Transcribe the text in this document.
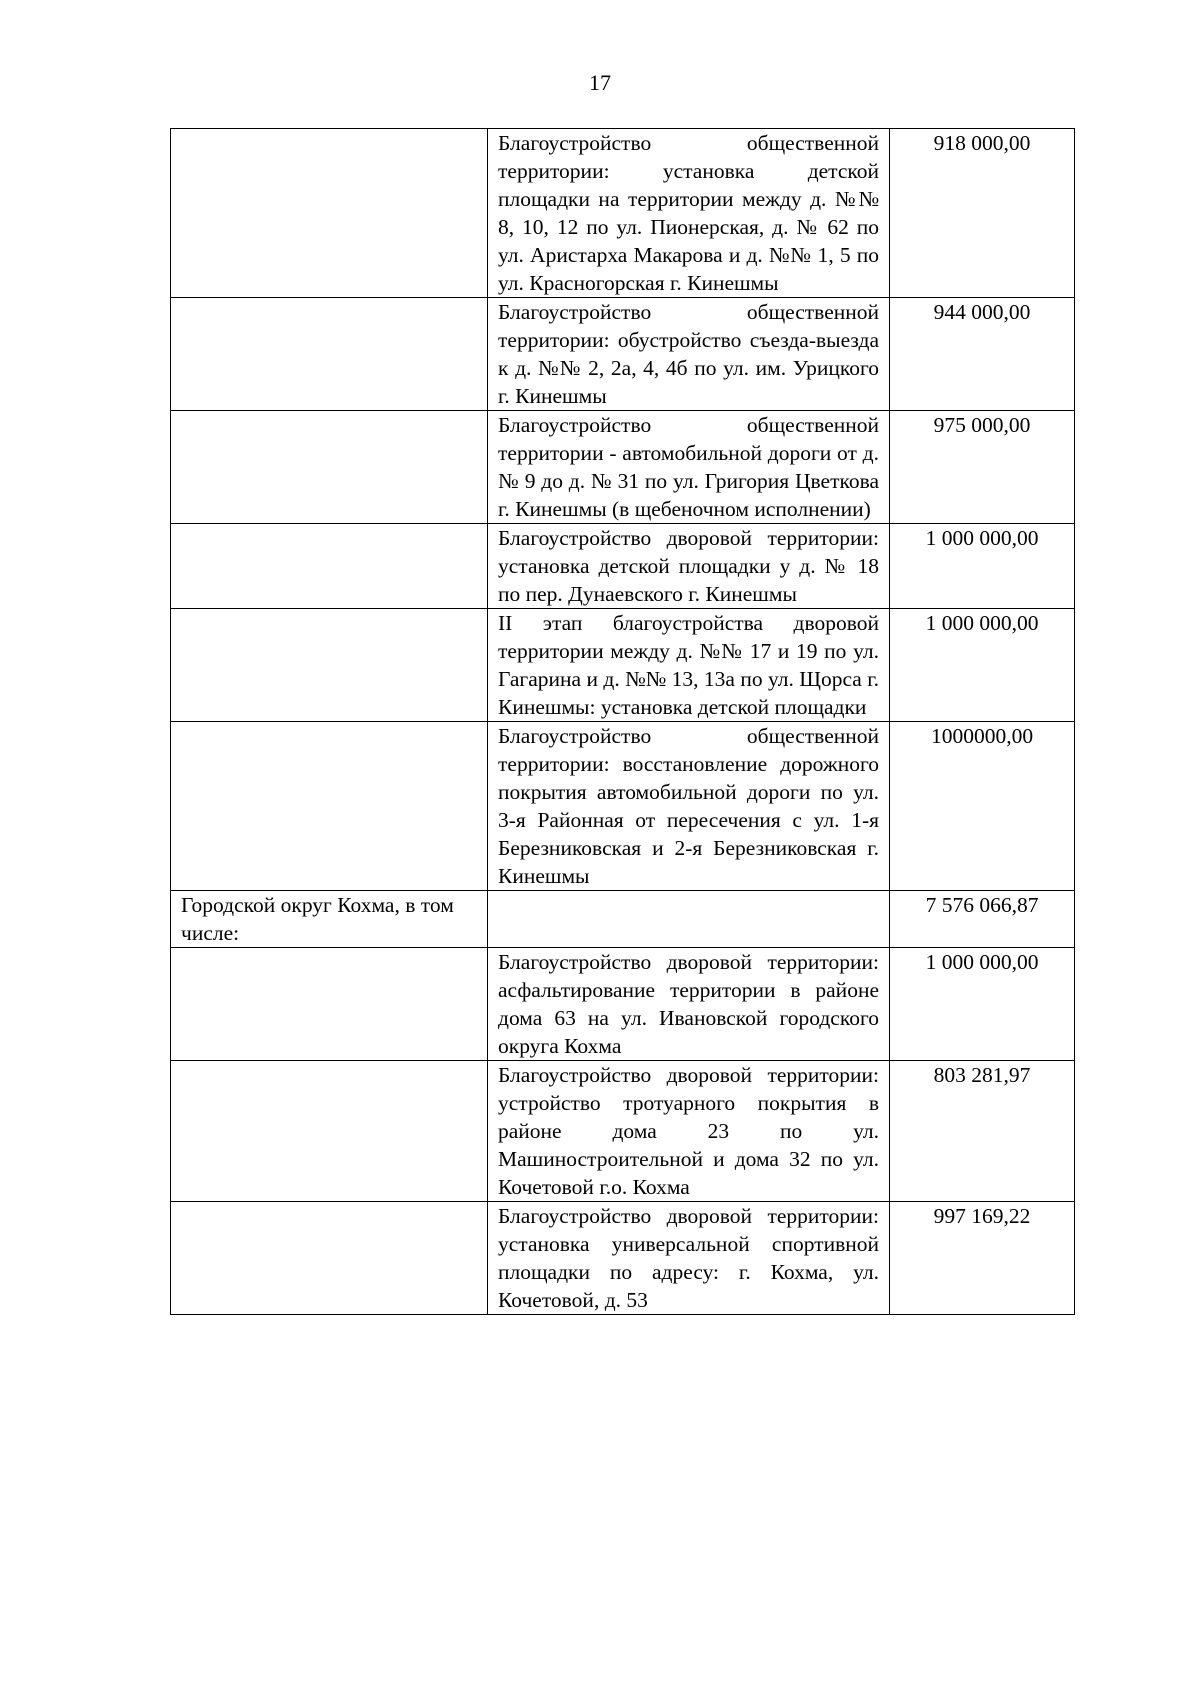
17
	Благоустройство общественной территории: установка детской площадки на территории между д. №№ 8, 10, 12 по ул. Пионерская, д. № 62 по ул. Аристарха Макарова и д. №№ 1, 5 по ул. Красногорская г. Кинешмы	918 000,00
	Благоустройство общественной территории: обустройство съезда-выезда к д. №№ 2, 2а, 4, 4б по ул. им. Урицкого г. Кинешмы	944 000,00
	Благоустройство общественной территории - автомобильной дороги от д. № 9 до д. № 31 по ул. Григория Цветкова г. Кинешмы (в щебеночном исполнении)	975 000,00
	Благоустройство дворовой территории: установка детской площадки у д. № 18 по пер. Дунаевского г. Кинешмы	1 000 000,00
	II этап благоустройства дворовой территории между д. №№ 17 и 19 по ул. Гагарина и д. №№ 13, 13а по ул. Щорса г. Кинешмы: установка детской площадки	1 000 000,00
	Благоустройство общественной территории: восстановление дорожного покрытия автомобильной дороги по ул. 3-я Районная от пересечения с ул. 1-я Березниковская и 2-я Березниковская г. Кинешмы	1000000,00
Городской округ Кохма, в том числе:		7 576 066,87
	Благоустройство дворовой территории: асфальтирование территории в районе дома 63 на ул. Ивановской городского округа Кохма	1 000 000,00
	Благоустройство дворовой территории: устройство тротуарного покрытия в районе дома 23 по ул. Машиностроительной и дома 32 по ул. Кочетовой г.о. Кохма	803 281,97
	Благоустройство дворовой территории: установка универсальной спортивной площадки по адресу: г. Кохма, ул. Кочетовой, д. 53	997 169,22
